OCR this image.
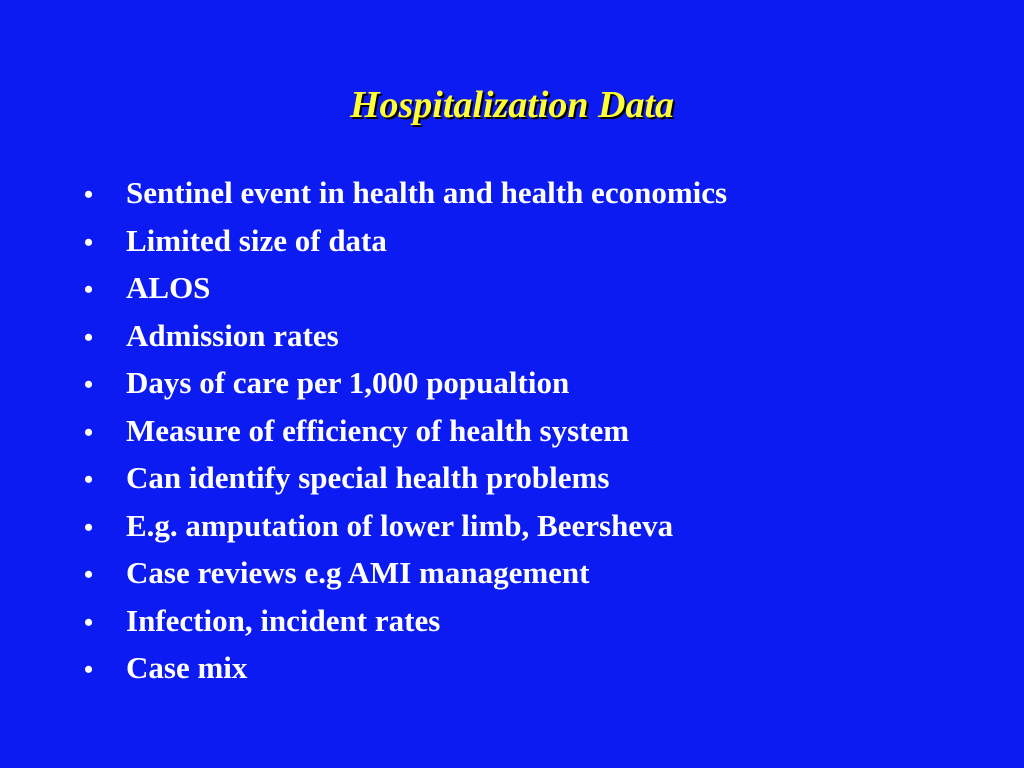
Hospitalization Data
•	Sentinel event in health and health economics
•	Limited size of data
•	ALOS
•	Admission rates
•	Days of care per 1,000 popualtion
•	Measure of efficiency of health system
•	Can identify special health problems
•	E.g. amputation of lower limb, Beersheva
•	Case reviews e.g AMI management
•	Infection, incident rates
•	Case mix
